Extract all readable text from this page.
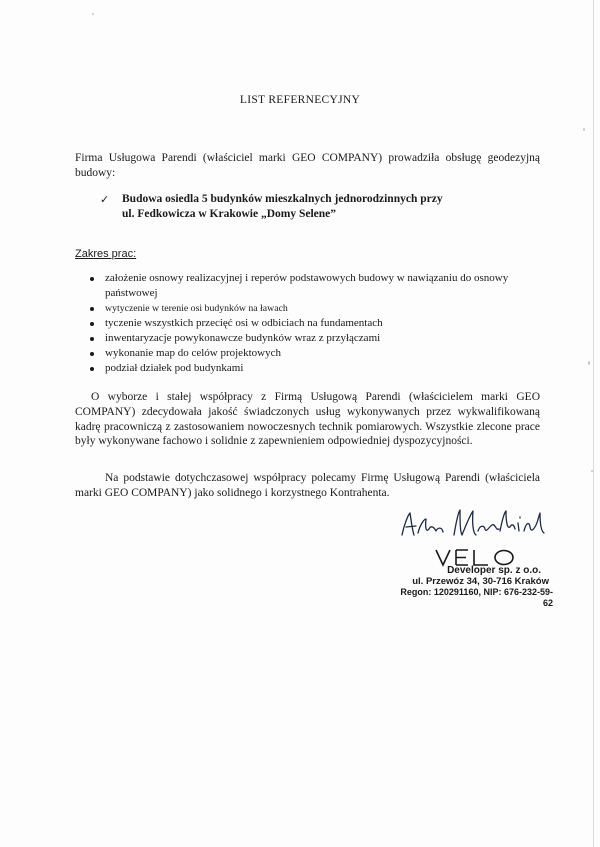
LIST REFERNECYJNY
Firma Usługowa Parendi (właściciel marki GEO COMPANY) prowadziła obsługę geodezyjną budowy:
✓ Budowa osiedla 5 budynków mieszkalnych jednorodzinnych przy
ul. Fedkowicza w Krakowie „Domy Selene”
Zakres prac:
założenie osnowy realizacyjnej i reperów podstawowych budowy w nawiązaniu do osnowy państwowej
wytyczenie w terenie osi budynków na ławach
tyczenie wszystkich przecięć osi w odbiciach na fundamentach
inwentaryzacje powykonawcze budynków wraz z przyłączami
wykonanie map do celów projektowych
podział działek pod budynkami
O wyborze i stałej współpracy z Firmą Usługową Parendi (właścicielem marki GEO COMPANY) zdecydowała jakość świadczonych usług wykonywanych przez wykwalifikowaną kadrę pracowniczą z zastosowaniem nowoczesnych technik pomiarowych. Wszystkie zlecone prace były wykonywane fachowo i solidnie z zapewnieniem odpowiedniej dyspozycyjności.
Na podstawie dotychczasowej współpracy polecamy Firmę Usługową Parendi (właściciela marki GEO COMPANY) jako solidnego i korzystnego Kontrahenta.
Developer sp. z o.o.
ul. Przewóz 34, 30-716 Kraków
Regon: 120291160, NIP: 676-232-59-62
